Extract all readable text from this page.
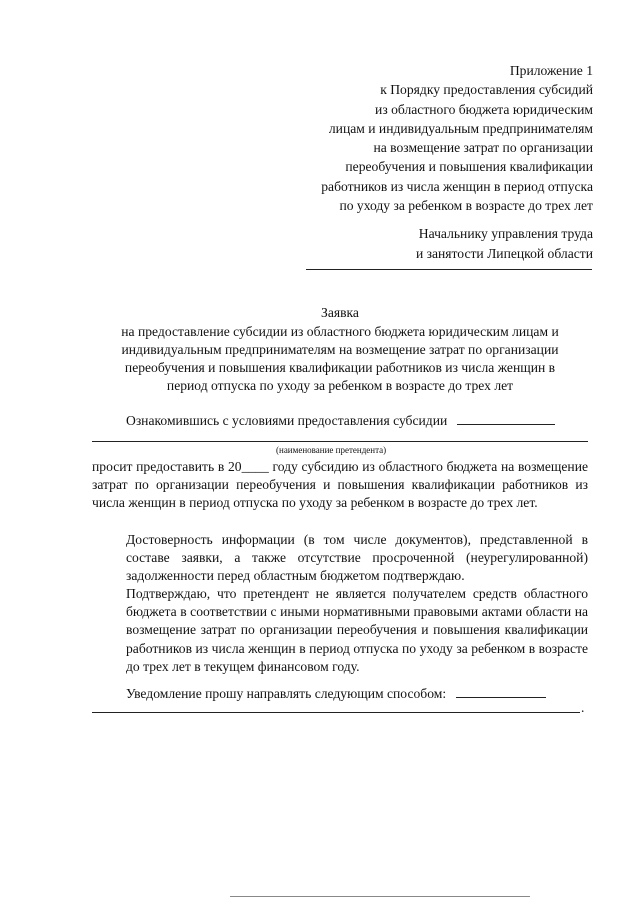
Приложение 1
к Порядку предоставления субсидий
из областного бюджета юридическим
лицам и индивидуальным предпринимателям
на возмещение затрат по организации
переобучения и повышения квалификации
работников из числа женщин в период отпуска
по уходу за ребенком в возрасте до трех лет
Начальнику управления труда
и занятости Липецкой области
Заявка
на предоставление субсидии из областного бюджета юридическим лицам и
индивидуальным предпринимателям на возмещение затрат по организации
переобучения и повышения квалификации работников из числа женщин в
период отпуска по уходу за ребенком в возрасте до трех лет
Ознакомившись с условиями предоставления субсидии
(наименование претендента)
просит предоставить в 20____ году субсидию из областного бюджета на возмещение затрат по организации переобучения и повышения квалификации работников из числа женщин в период отпуска по уходу за ребенком в возрасте до трех лет.
Достоверность информации (в том числе документов), представленной в составе заявки, а также отсутствие просроченной (неурегулированной) задолженности перед областным бюджетом подтверждаю.
Подтверждаю, что претендент не является получателем средств областного бюджета в соответствии с иными нормативными правовыми актами области на возмещение затрат по организации переобучения и повышения квалификации работников из числа женщин в период отпуска по уходу за ребенком в возрасте до трех лет в текущем финансовом году.
Уведомление прошу направлять следующим способом:
.
